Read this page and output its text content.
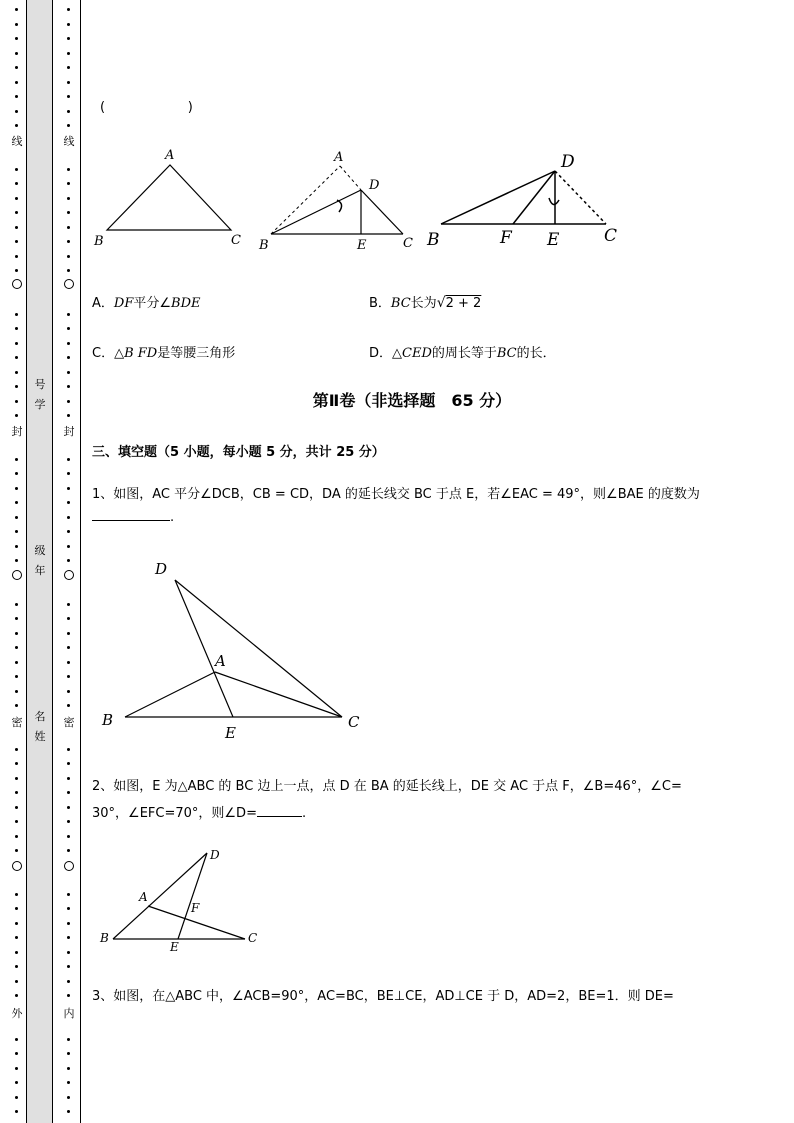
线
封
密
外
线
封
密
内
号
学
级
年
名
姓
(                    )
A
B	C
A
D
B	E	C
D
B	F E	C
A．DF平分∠BDE	B．BC长为√2 + 2
C．△B FD是等腰三角形	D．△CED的周长等于BC的长．
第Ⅱ卷（非选择题　65 分）
三、填空题（5 小题，每小题 5 分，共计 25 分）
1、如图，AC 平分∠DCB，CB = CD，DA 的延长线交 BC 于点 E，若∠EAC = 49°，则∠BAE 的度数为
.
D
A
B
E
C
2、如图，E 为△ABC 的 BC 边上一点，点 D 在 BA 的延长线上，DE 交 AC 于点 F，∠B=46°，∠C=
30°，∠EFC=70°，则∠D=	.
D
A
F
B
E
C
3、如图，在△ABC 中，∠ACB=90°，AC=BC，BE⊥CE，AD⊥CE 于 D，AD=2，BE=1．则 DE=
